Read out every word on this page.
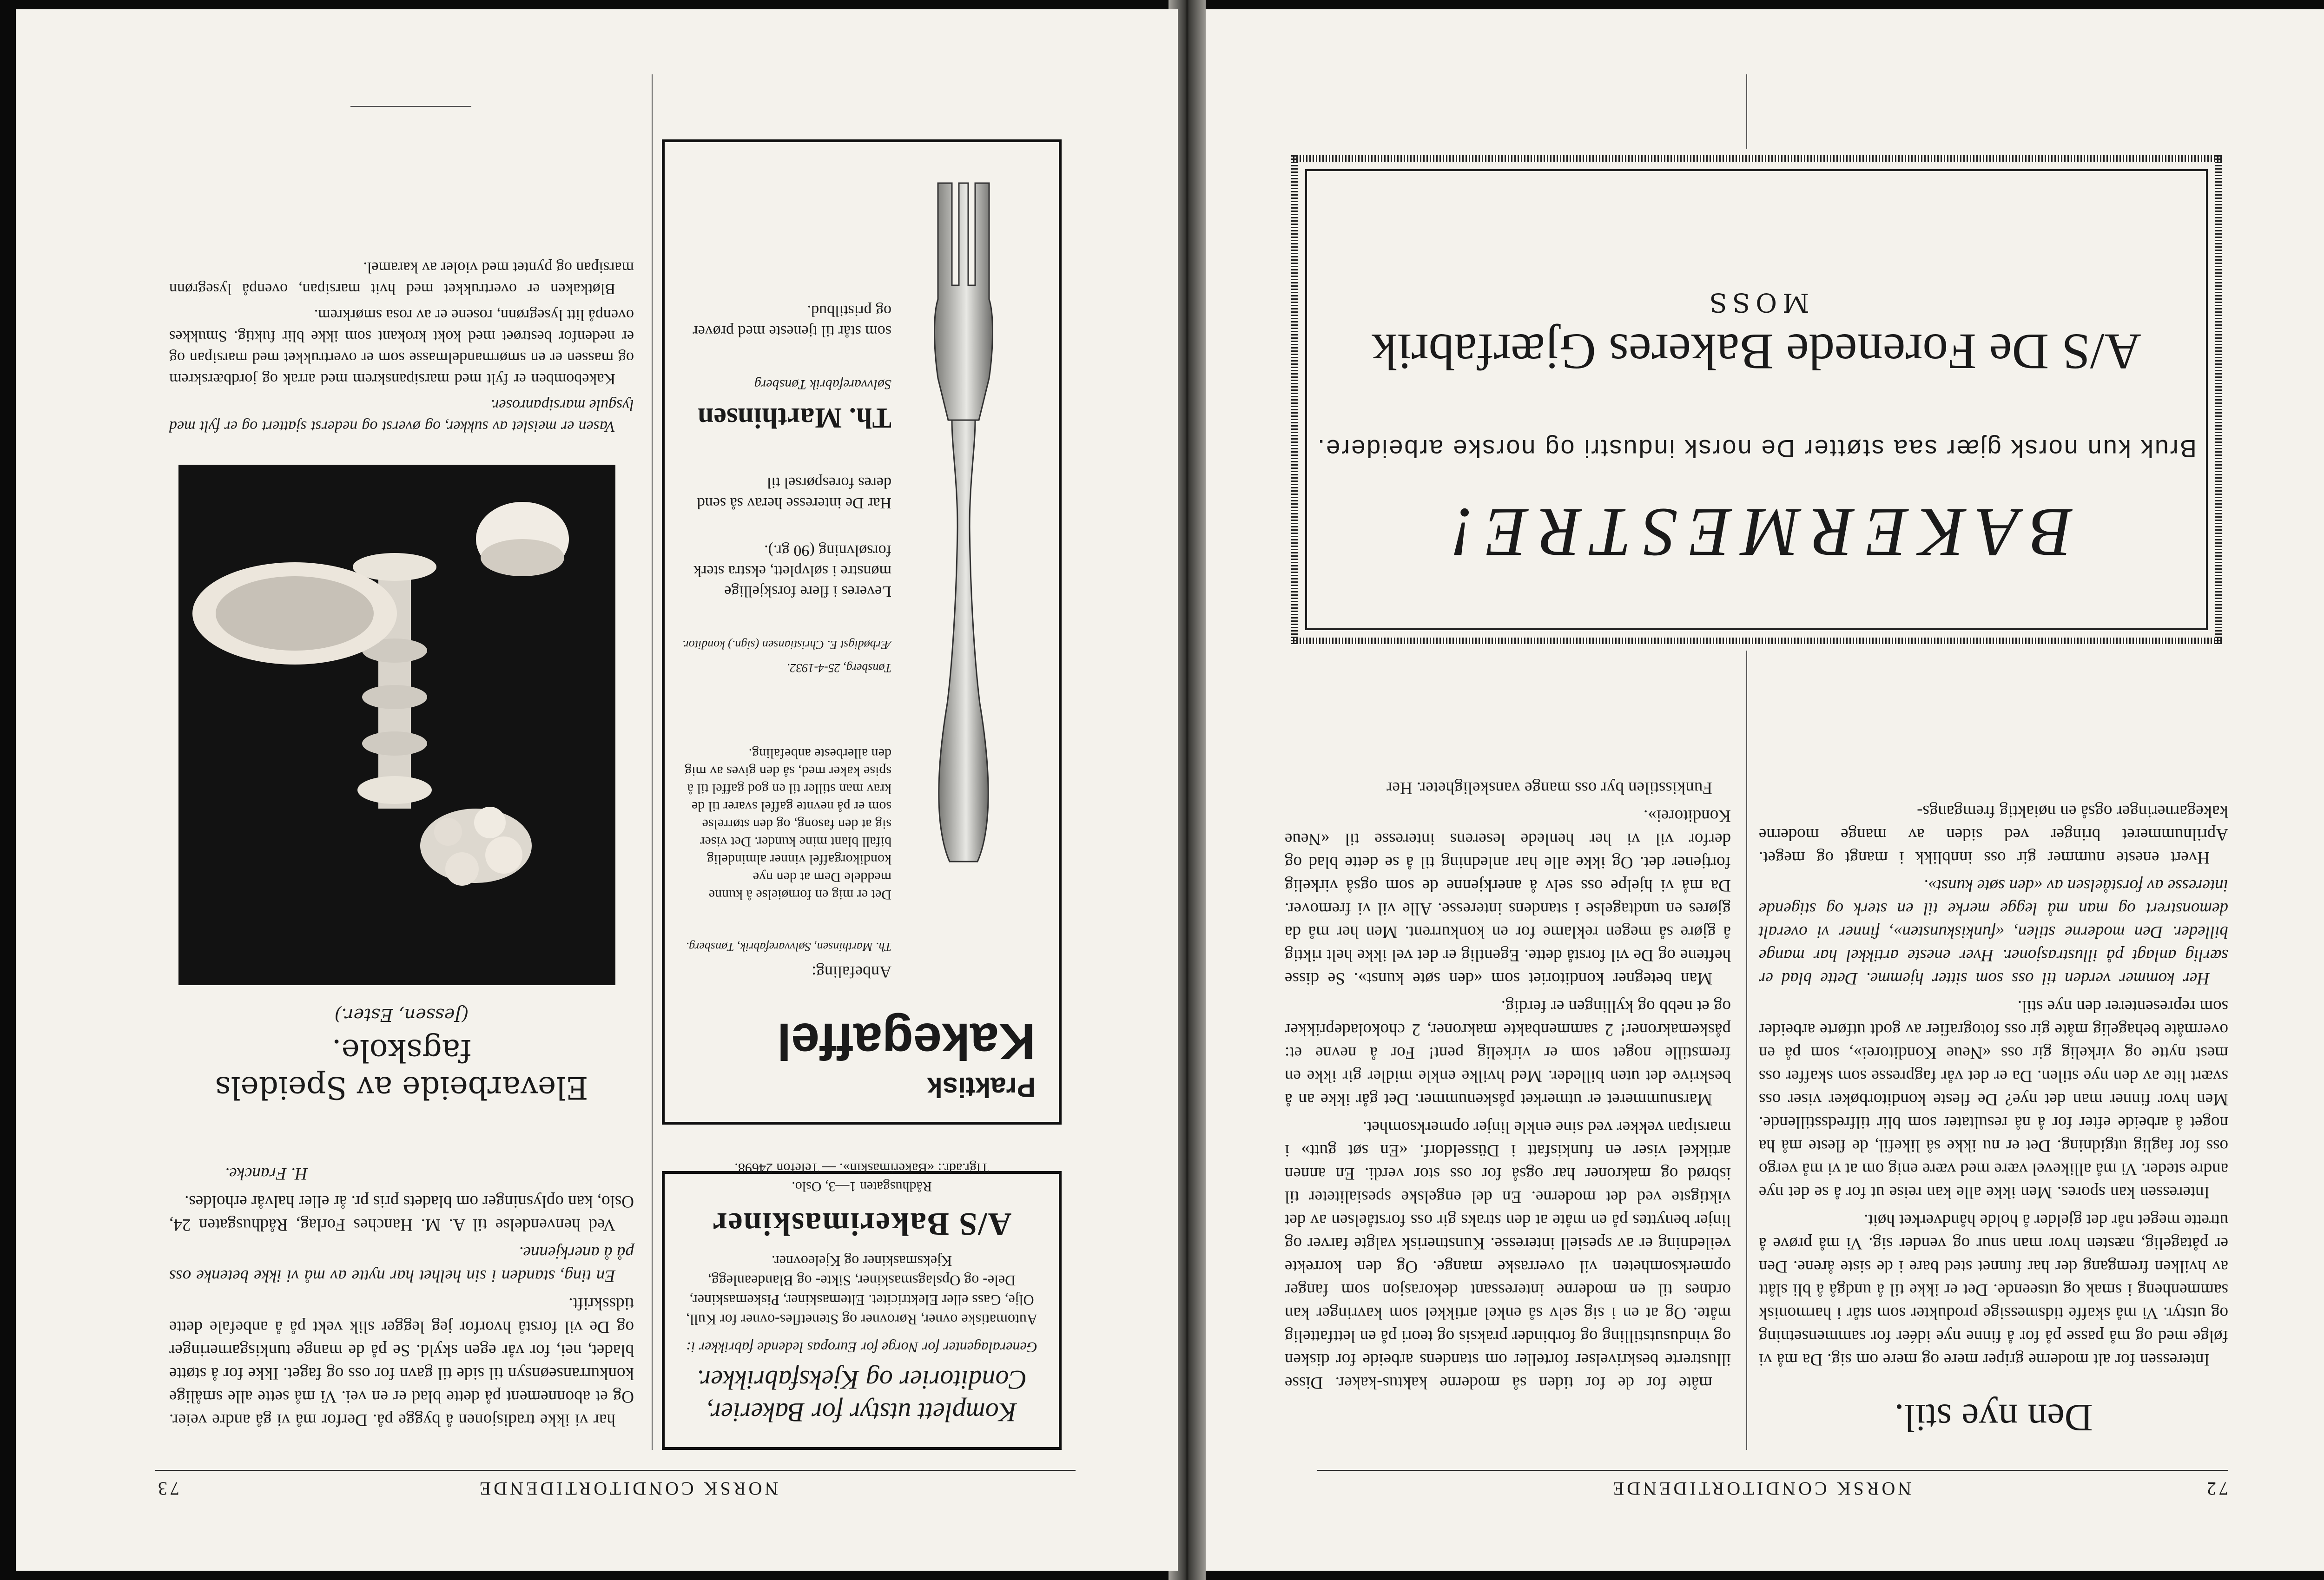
72
NORSK CONDITORTIDENDE
Den nye stil.

Interessen for alt moderne griper mere og mere om sig. Da må vi følge med og må passe på for å finne nye idéer for sammensetning og utstyr. Vi må skaffe tidsmessige produkter som står i harmonisk sammenheng i smak og utseende. Det er ikke til å undgå å bli slått av hvilken fremgang der har funnet sted bare i de siste årene. Den er påtagelig, næsten hvor man snur og vender sig. Vi må prøve å utrette meget når det gjelder å holde håndverket høit.

Interessen kan spores. Men ikke alle kan reise ut for å se det nye andre steder. Vi må allikevel være med være enig om at vi må vergo oss for faglig utgidning. Det er nu ikke så likefil, de fleste må ha noget å arbeide efter for å nå resultater som blir tilfredsstillende. Men hvor finner man det nye? De fleste konditorbøker viser oss svært lite av den nye stilen. Da er det vår fagpresse som skaffer oss mest nytte og virkelig gir oss «Neue Konditorei», som på en overmåte behagelig måte gir oss fotografier av godt utførte arbeider som representerer den nye stil.

Her kommer verden til oss som sitter hjemme. Dette blad er særlig anlagt på illustrasjoner. Hver eneste artikkel har mange billeder. Den moderne stilen, «funkiskunsten», finner vi overalt demonstrert og man må legge merke til en sterk og stigende interesse av forståelsen av «den søte kunst».

Hvert eneste nummer gir oss innblikk i mangt og meget. Aprilnummeret bringer ved siden av mange moderne kakegarneringer også en nøiaktig fremgangs-

måte for de for tiden så moderne kaktus-kaker. Disse illustrerte beskrivelser forteller om standens arbeide for disken og vindusutstilling og forbinder praksis og teori på en lettfattelig måte. Og at en i sig selv så enkel artikkel som kavringer kan ordnes til en moderne interessant dekorasjon som fanger opmerksomheten vil overraske mange. Og den korrekte veiledning er av spesiell interesse. Kunstnerisk valgte farver og linjer benyttes på en måte at den straks gir oss forståelsen av det viktigste ved det moderne. En del engelske spesialiteter til isbrød og makroner har også for oss stor verdi. En annen artikkel viser en funkisfatt i Düsseldorf. «En søt gutt» i marsipan vekker ved sine enkle linjer opmerksomhet.

Marsnummeret er utmerket påskenummer. Det går ikke an å beskrive det uten billeder. Med hvilke enkle midler gir ikke en fremstille noget som er virkelig pent! For å nevne et: påskemakroner! 2 sammenbakte makroner, 2 chokoladeprikker og et nebb og kyllingen er ferdig.

Man betegner konditoriet som «den søte kunst». Se disse heftene og De vil forstå dette. Egentlig er det vel ikke helt riktig å gjøre så megen reklame for en konkurrent. Men her må da gjøres en undtagelse i standens interesse. Alle vil vi fremover. Da må vi hjelpe oss selv å anerkjenne de som også virkelig fortjener det. Og ikke alle har anledning til å se dette blad og derfor vil vi her henlede leserens interesse til «Neue Konditorei».

Funkisstilen byr oss mange vanskeligheter. Her

BAKERMESTRE!
Bruk kun norsk gjær saa støtter De norsk industri og norske arbeidere.
A/S De Forenede Bakeres Gjærfabrik
MOSS
NORSK CONDITORTIDENDE
73
Komplett utstyr for Bakerier, Conditorier og Kjeksfabrikker.
Generalagenter for Norge for Europas ledende fabrikker i:
Automatiske ovner, Rørovner og Stenetfles-ovner for Kull, Olje, Gass eller Elektricitet. Eltemaskiner, Piskemaskiner, Dele- og Opslagsmaskiner, Sikte- og Blandeanlegg, Kjeksmaskiner og Kjeleovner.
A/S Bakerimaskiner
Rådhusgaten 1—3, Oslo.
Tlgr.adr.: «Bakerimaskin». — Telefon 24698.
Praktisk
Kakegaffel
Anbefaling:
Th. Marthinsen, Sølvvarefabrik, Tønsberg.
Det er mig en fornøielse å kunne meddele Dem at den nye kondikorgaffel vinner almindelig bifall blant mine kunder. Det viser sig at den fasong, og den størrelse som er på nevnte gaffel svarer til de krav man stiller til en god gaffel til å spise kaker med, så den gives av mig den allerbeste anbefaling.
Tønsberg, 25-4-1932.
Ærbødigst E. Christiansen (sign.) konditor.
Leveres i flere forskjellige mønstre i sølvplett, ekstra sterk forsølvning (90 gr.).
Har De interesse herav så send deres forespørsel til
Th. Marthinsen
Sølvvarefabrik Tønsberg
som står til tjeneste med prøver og pristilbud.

har vi ikke tradisjonen å bygge på. Derfor må vi gå andre veier. Og et abonnement på dette blad er en vei. Vi må sette alle småligе konkurranseønsyn til side til gavn for oss og faget. Ikke for å støtte bladet, nei, for vår egen skyld. Se på de mange tunkisgarneringer og De vil forstå hvorfor jeg legger slik vekt på å anbefale dette tidsskrift.

En ting, standen i sin helhet har nytte av må vi ikke betenke oss på å anerkjenne.

Ved henvendelse til A. M. Hanches Forlag, Rådhusgaten 24, Oslo, kan oplysninger om bladets pris pr. år eller halvår erholdes.

H. Francke.
Elevarbeide av Speidels fagskole.
(Jessen, Ester.)

Vasen er meislet av sukker, og øverst og nederst sjattert og er fylt med lysgule marsipanroser.

Kakebomben er fylt med marsipanskrem med arrak og jordbærskrem og massen er en smørmandelmasse som er overtrukket med marsipan og er nedenfor bestrøet med kokt krokant som ikke blir fuktig. Smukkes ovenpå litt lysegrønn, rosene er av rosa smørkrem.

Bløtkaken er overtrukket med hvit marsipan, ovenpå lysegrønn marsipan og pyntet med violer av karamel.
